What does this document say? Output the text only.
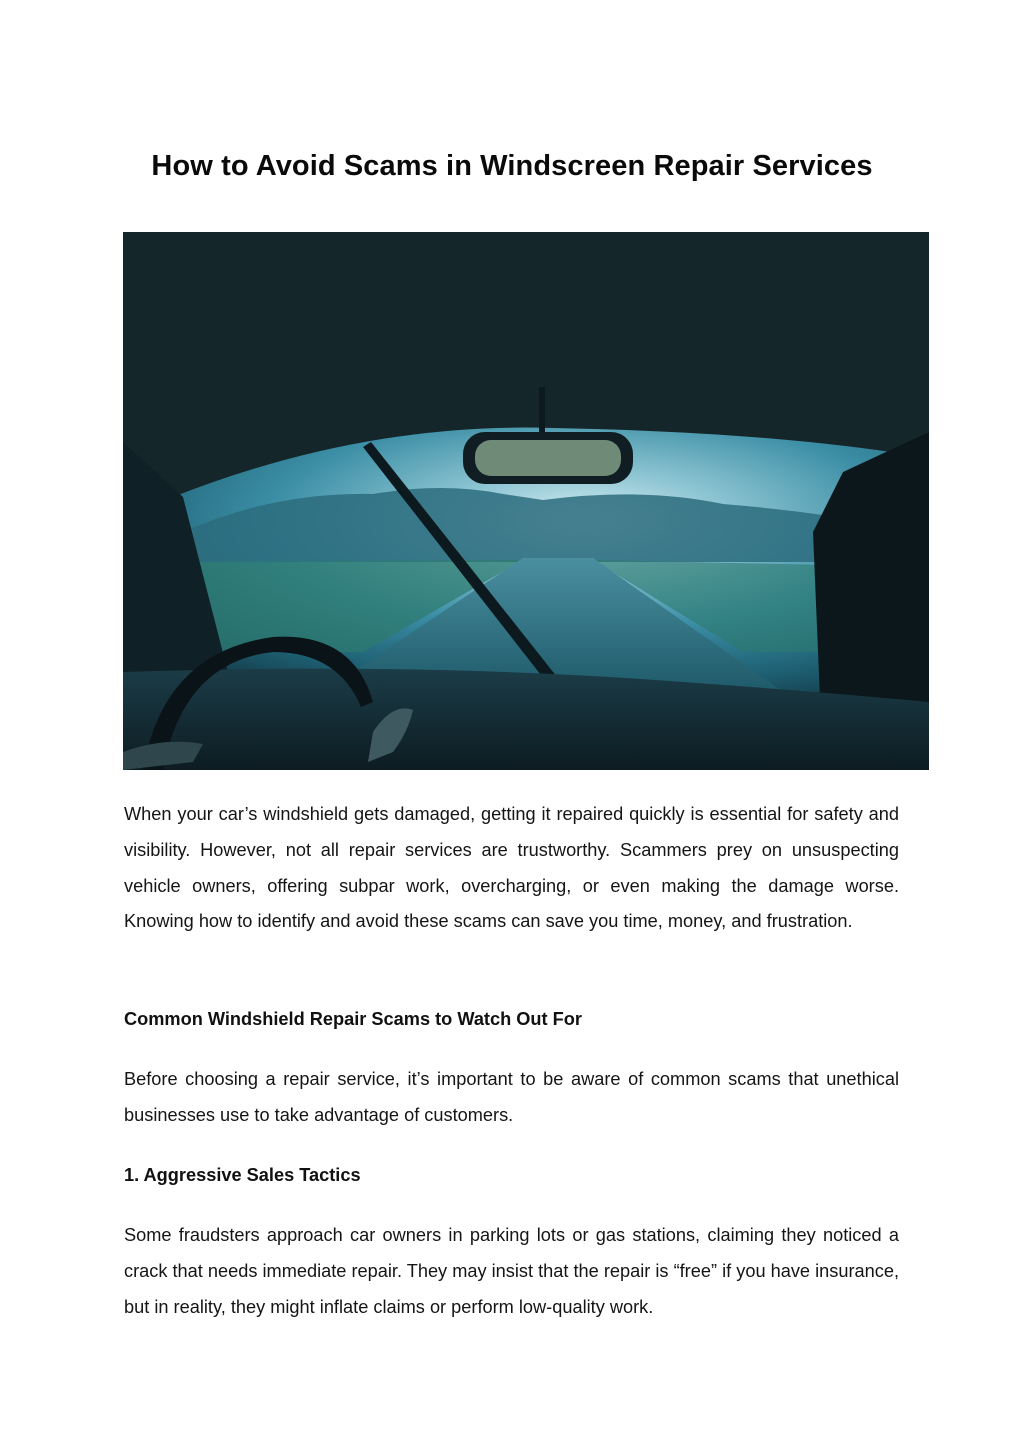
How to Avoid Scams in Windscreen Repair Services

When your car’s windshield gets damaged, getting it repaired quickly is essential for safety and visibility. However, not all repair services are trustworthy. Scammers prey on unsuspecting vehicle owners, offering subpar work, overcharging, or even making the damage worse. Knowing how to identify and avoid these scams can save you time, money, and frustration.

Common Windshield Repair Scams to Watch Out For

Before choosing a repair service, it’s important to be aware of common scams that unethical businesses use to take advantage of customers.

1. Aggressive Sales Tactics

Some fraudsters approach car owners in parking lots or gas stations, claiming they noticed a crack that needs immediate repair. They may insist that the repair is “free” if you have insurance, but in reality, they might inflate claims or perform low-quality work.
